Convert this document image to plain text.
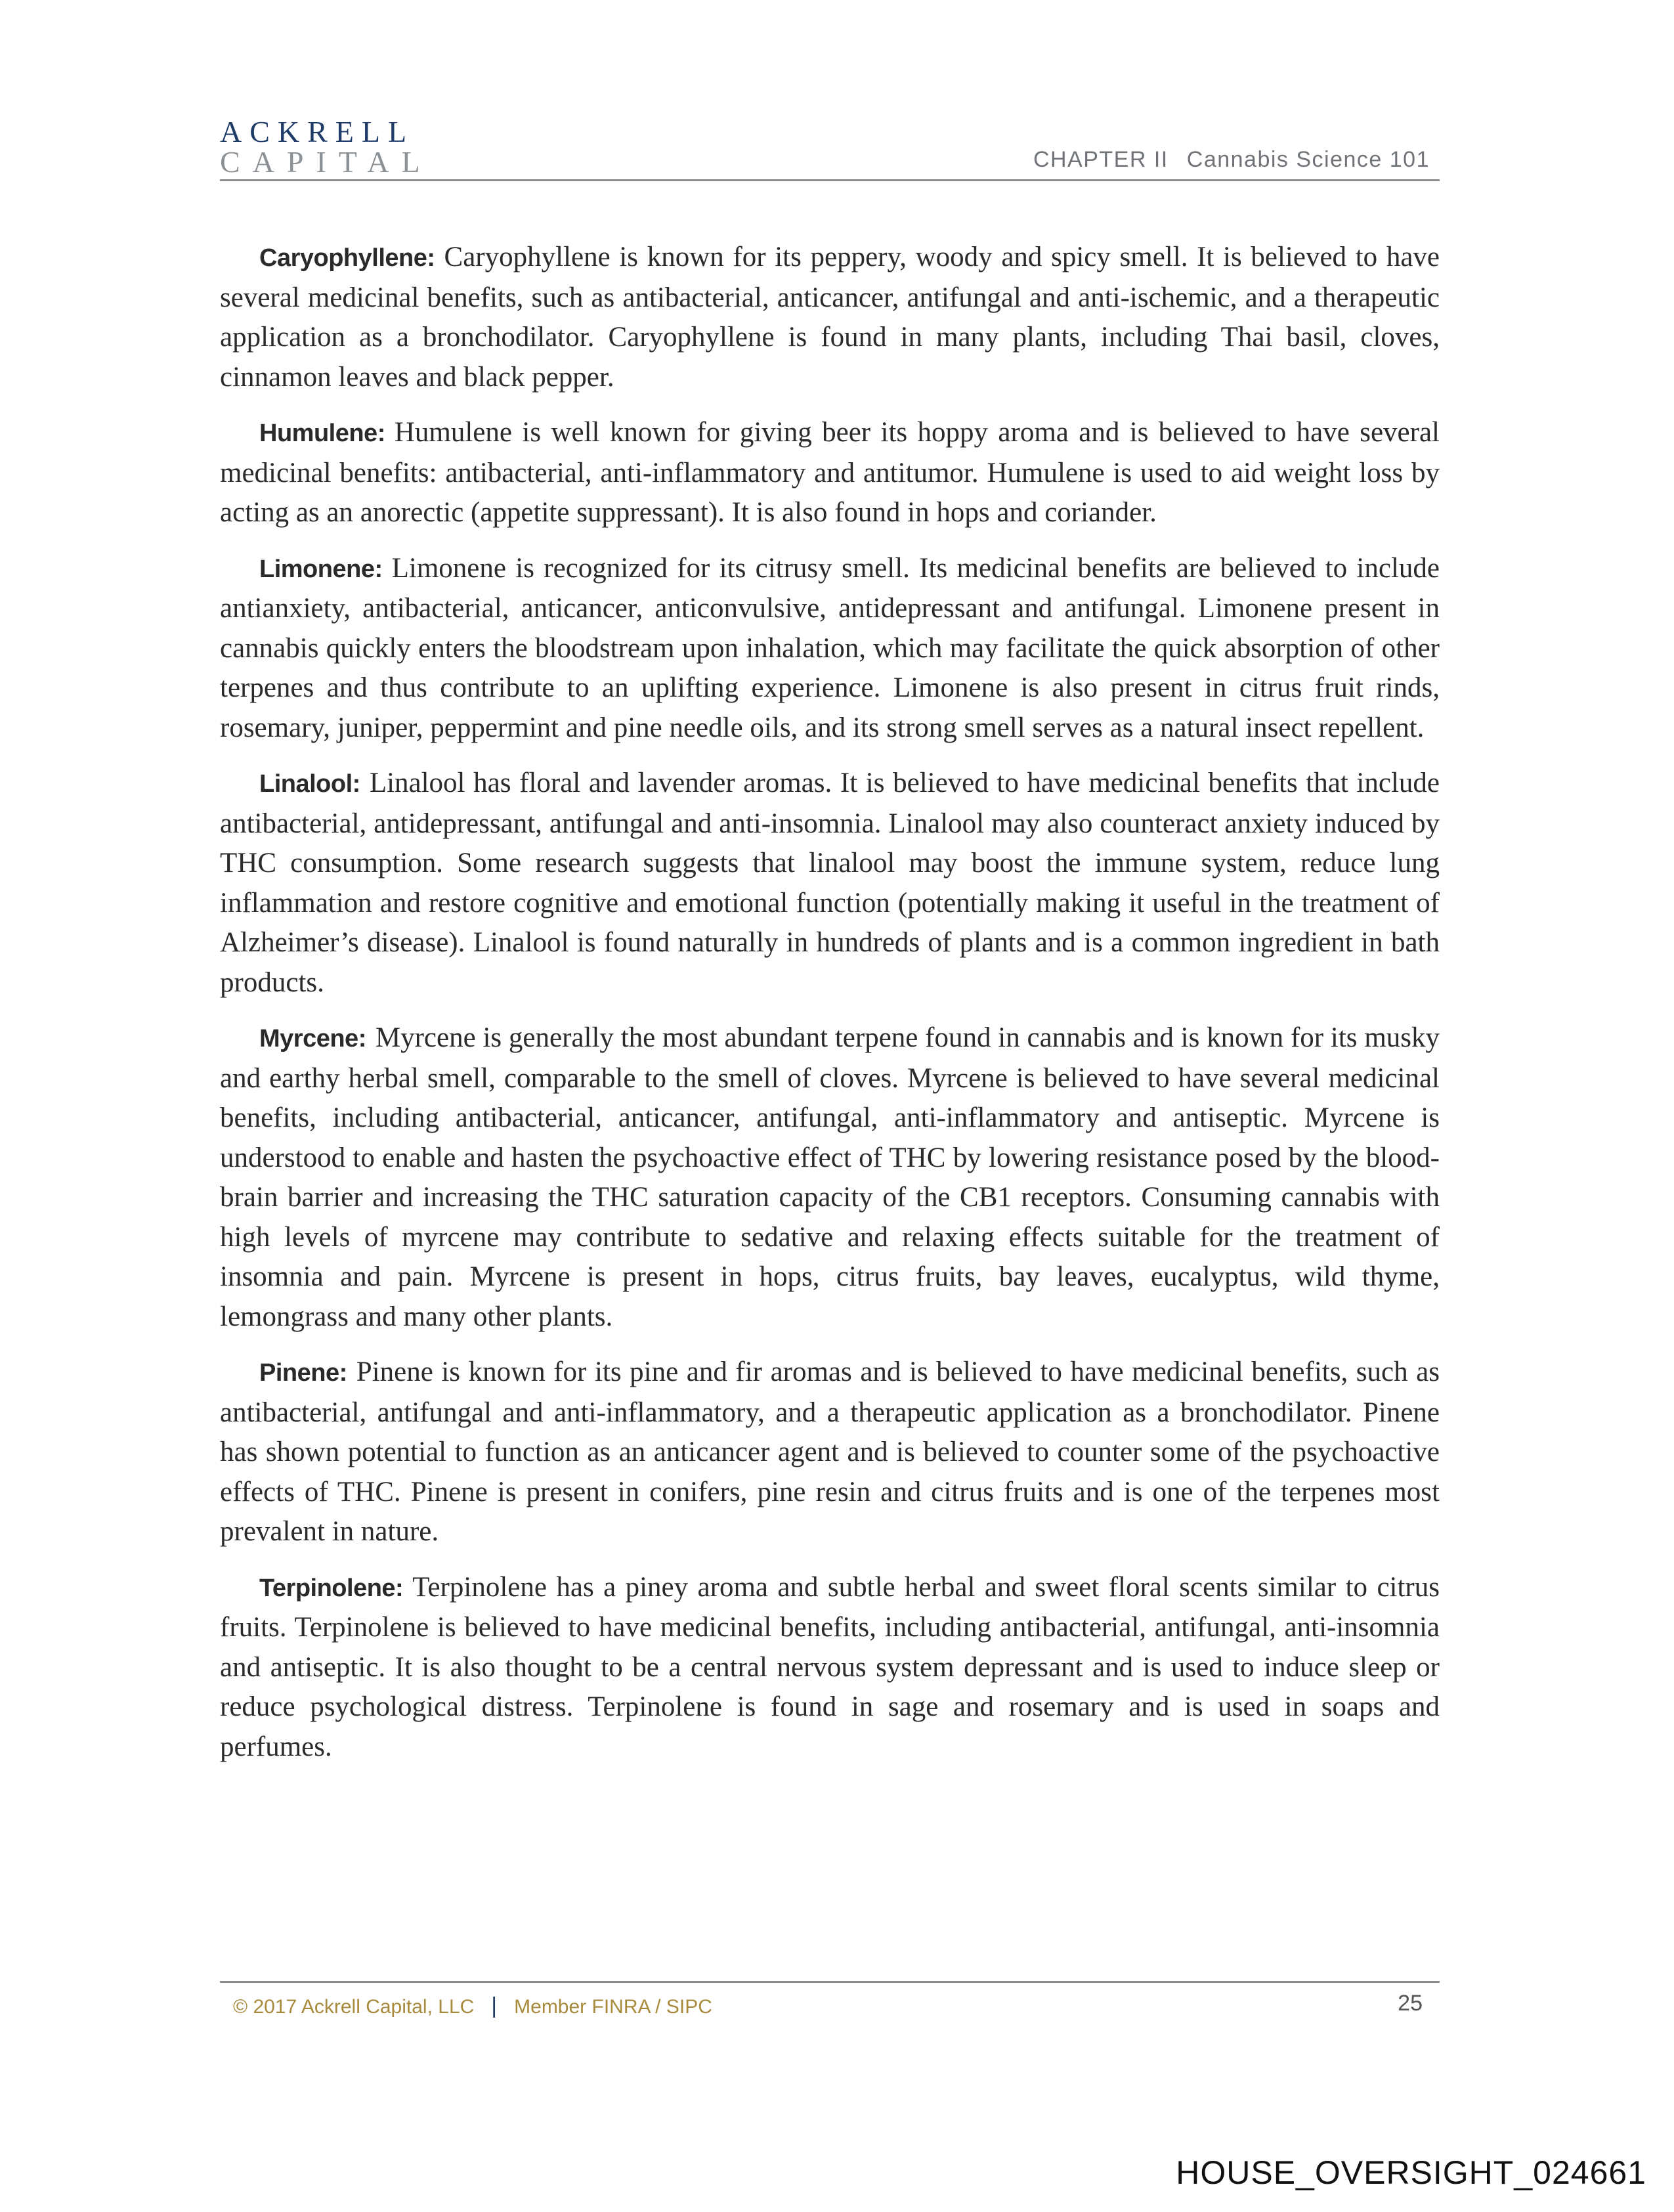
ACKRELL
CAPITAL	CHAPTER II Cannabis Science 101

Caryophyllene: Caryophyllene is known for its peppery, woody and spicy smell. It is believed to have several medicinal benefits, such as antibacterial, anticancer, antifungal and anti-ischemic, and a therapeutic application as a bronchodilator. Caryophyllene is found in many plants, including Thai basil, cloves, cinnamon leaves and black pepper.

Humulene: Humulene is well known for giving beer its hoppy aroma and is believed to have several medicinal benefits: antibacterial, anti-inflammatory and antitumor. Humulene is used to aid weight loss by acting as an anorectic (appetite suppressant). It is also found in hops and coriander.

Limonene: Limonene is recognized for its citrusy smell. Its medicinal benefits are believed to include antianxiety, antibacterial, anticancer, anticonvulsive, antidepressant and antifungal. Limonene present in cannabis quickly enters the bloodstream upon inhalation, which may facilitate the quick absorption of other terpenes and thus contribute to an uplifting experience. Limonene is also present in citrus fruit rinds, rosemary, juniper, peppermint and pine needle oils, and its strong smell serves as a natural insect repellent.

Linalool: Linalool has floral and lavender aromas. It is believed to have medicinal benefits that include antibacterial, antidepressant, antifungal and anti-insomnia. Linalool may also counteract anxiety induced by THC consumption. Some research suggests that linalool may boost the immune system, reduce lung inflammation and restore cognitive and emotional function (potentially making it useful in the treatment of Alzheimer’s disease). Linalool is found naturally in hundreds of plants and is a common ingredient in bath products.

Myrcene: Myrcene is generally the most abundant terpene found in cannabis and is known for its musky and earthy herbal smell, comparable to the smell of cloves. Myrcene is believed to have several medicinal benefits, including antibacterial, anticancer, antifungal, anti-inflammatory and antiseptic. Myrcene is understood to enable and hasten the psychoactive effect of THC by lowering resistance posed by the blood-brain barrier and increasing the THC saturation capacity of the CB1 receptors. Consuming cannabis with high levels of myrcene may contribute to sedative and relaxing effects suitable for the treatment of insomnia and pain. Myrcene is present in hops, citrus fruits, bay leaves, eucalyptus, wild thyme, lemongrass and many other plants.

Pinene: Pinene is known for its pine and fir aromas and is believed to have medicinal benefits, such as antibacterial, antifungal and anti-inflammatory, and a therapeutic application as a bronchodilator. Pinene has shown potential to function as an anticancer agent and is believed to counter some of the psychoactive effects of THC. Pinene is present in conifers, pine resin and citrus fruits and is one of the terpenes most prevalent in nature.

Terpinolene: Terpinolene has a piney aroma and subtle herbal and sweet floral scents similar to citrus fruits. Terpinolene is believed to have medicinal benefits, including antibacterial, antifungal, anti-insomnia and antiseptic. It is also thought to be a central nervous system depressant and is used to induce sleep or reduce psychological distress. Terpinolene is found in sage and rosemary and is used in soaps and perfumes.

© 2017 Ackrell Capital, LLC | Member FINRA / SIPC	25
HOUSE_OVERSIGHT_024661
